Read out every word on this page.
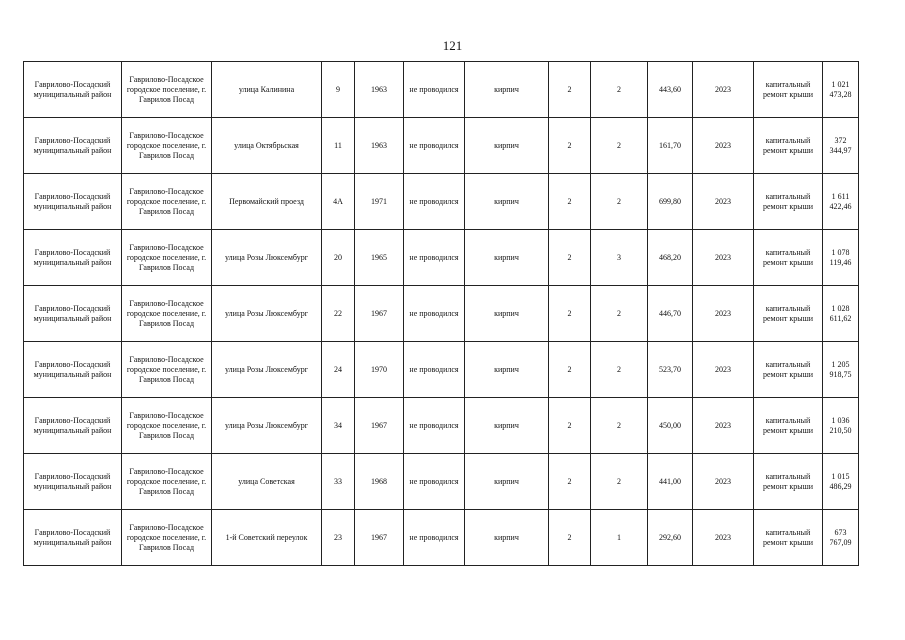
121
Гаврилово-Посадский муниципальный район	Гаврилово-Посадское городское поселение, г. Гаврилов Посад	улица Калинина	9	1963	не проводился	кирпич	2	2	443,60	2023	капитальный ремонт крыши	1 021 473,28
Гаврилово-Посадский муниципальный район	Гаврилово-Посадское городское поселение, г. Гаврилов Посад	улица Октябрьская	11	1963	не проводился	кирпич	2	2	161,70	2023	капитальный ремонт крыши	372 344,97
Гаврилово-Посадский муниципальный район	Гаврилово-Посадское городское поселение, г. Гаврилов Посад	Первомайский проезд	4А	1971	не проводился	кирпич	2	2	699,80	2023	капитальный ремонт крыши	1 611 422,46
Гаврилово-Посадский муниципальный район	Гаврилово-Посадское городское поселение, г. Гаврилов Посад	улица Розы Люксембург	20	1965	не проводился	кирпич	2	3	468,20	2023	капитальный ремонт крыши	1 078 119,46
Гаврилово-Посадский муниципальный район	Гаврилово-Посадское городское поселение, г. Гаврилов Посад	улица Розы Люксембург	22	1967	не проводился	кирпич	2	2	446,70	2023	капитальный ремонт крыши	1 028 611,62
Гаврилово-Посадский муниципальный район	Гаврилово-Посадское городское поселение, г. Гаврилов Посад	улица Розы Люксембург	24	1970	не проводился	кирпич	2	2	523,70	2023	капитальный ремонт крыши	1 205 918,75
Гаврилово-Посадский муниципальный район	Гаврилово-Посадское городское поселение, г. Гаврилов Посад	улица Розы Люксембург	34	1967	не проводился	кирпич	2	2	450,00	2023	капитальный ремонт крыши	1 036 210,50
Гаврилово-Посадский муниципальный район	Гаврилово-Посадское городское поселение, г. Гаврилов Посад	улица Советская	33	1968	не проводился	кирпич	2	2	441,00	2023	капитальный ремонт крыши	1 015 486,29
Гаврилово-Посадский муниципальный район	Гаврилово-Посадское городское поселение, г. Гаврилов Посад	1-й Советский переулок	23	1967	не проводился	кирпич	2	1	292,60	2023	капитальный ремонт крыши	673 767,09
